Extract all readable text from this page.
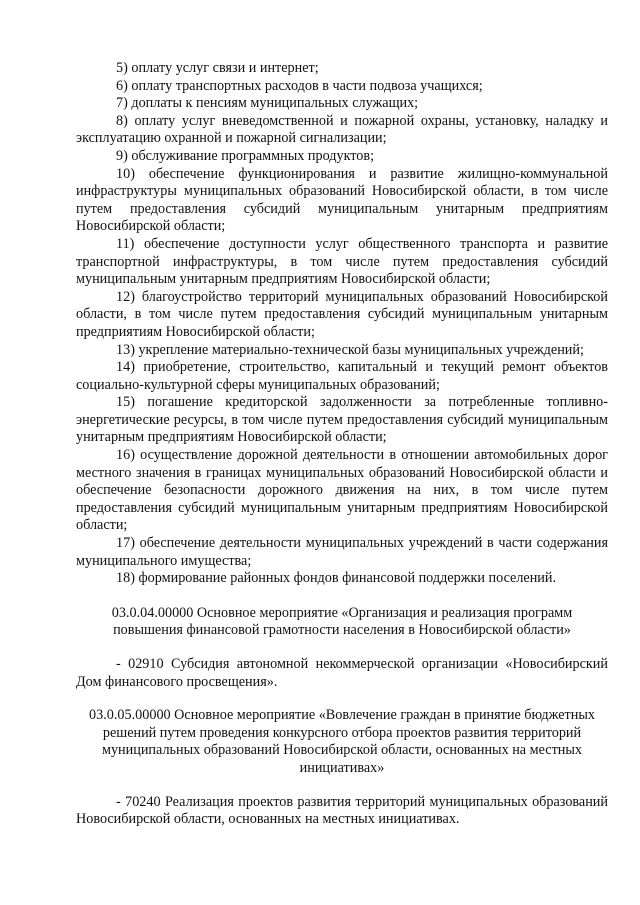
5) оплату услуг связи и интернет;

6) оплату транспортных расходов в части подвоза учащихся;

7) доплаты к пенсиям муниципальных служащих;

8) оплату услуг вневедомственной и пожарной охраны, установку, наладку и эксплуатацию охранной и пожарной сигнализации;

9) обслуживание программных продуктов;

10) обеспечение функционирования и развитие жилищно-коммунальной инфраструктуры муниципальных образований Новосибирской области, в том числе путем предоставления субсидий муниципальным унитарным предприятиям Новосибирской области;

11) обеспечение доступности услуг общественного транспорта и развитие транспортной инфраструктуры, в том числе путем предоставления субсидий муниципальным унитарным предприятиям Новосибирской области;

12) благоустройство территорий муниципальных образований Новосибирской области, в том числе путем предоставления субсидий муниципальным унитарным предприятиям Новосибирской области;

13) укрепление материально-технической базы муниципальных учреждений;

14) приобретение, строительство, капитальный и текущий ремонт объектов социально-культурной сферы муниципальных образований;

15) погашение кредиторской задолженности за потребленные топливно-энергетические ресурсы, в том числе путем предоставления субсидий муниципальным унитарным предприятиям Новосибирской области;

16) осуществление дорожной деятельности в отношении автомобильных дорог местного значения в границах муниципальных образований Новосибирской области и обеспечение безопасности дорожного движения на них, в том числе путем предоставления субсидий муниципальным унитарным предприятиям Новосибирской области;

17) обеспечение деятельности муниципальных учреждений в части содержания муниципального имущества;

18) формирование районных фондов финансовой поддержки поселений.

03.0.04.00000 Основное мероприятие «Организация и реализация программ повышения финансовой грамотности населения в Новосибирской области»

- 02910 Субсидия автономной некоммерческой организации «Новосибирский Дом финансового просвещения».

03.0.05.00000 Основное мероприятие «Вовлечение граждан в принятие бюджетных решений путем проведения конкурсного отбора проектов развития территорий муниципальных образований Новосибирской области, основанных на местных инициативах»

- 70240 Реализация проектов развития территорий муниципальных образований Новосибирской области, основанных на местных инициативах.
